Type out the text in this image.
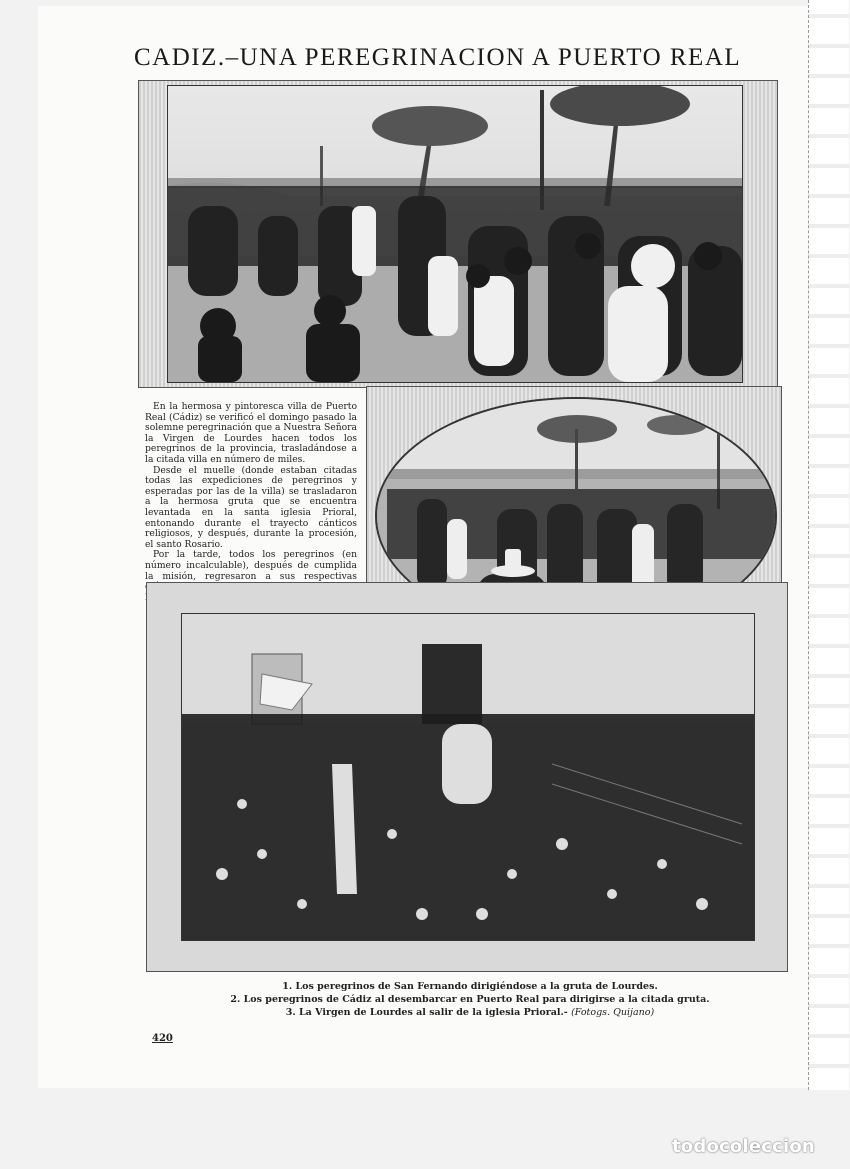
CADIZ.–UNA PEREGRINACION A PUERTO REAL

En la hermosa y pintoresca villa de Puerto Real (Cádiz) se verificó el domingo pasado la solemne peregrinación que a Nuestra Señora la Virgen de Lourdes hacen todos los peregrinos de la provincia, trasladándose a la citada villa en número de miles.

Desde el muelle (donde estaban citadas todas las expediciones de peregrinos y esperadas por las de la villa) se trasladaron a la hermosa gruta que se encuentra levantada en la santa iglesia Prioral, entonando durante el trayecto cánticos religiosos, y después, durante la procesión, el santo Rosario.

Por la tarde, todos los peregrinos (en número incalculable), después de cumplida la misión, regresaron a sus respectivas

1. Los peregrinos de San Fernando dirigiéndose a la gruta de Lourdes.
2. Los peregrinos de Cádiz al desembarcar en Puerto Real para dirigirse a la citada gruta.
3. La Virgen de Lourdes al salir de la iglesia Prioral.- (Fotogs. Quijano)
420
todocoleccion
